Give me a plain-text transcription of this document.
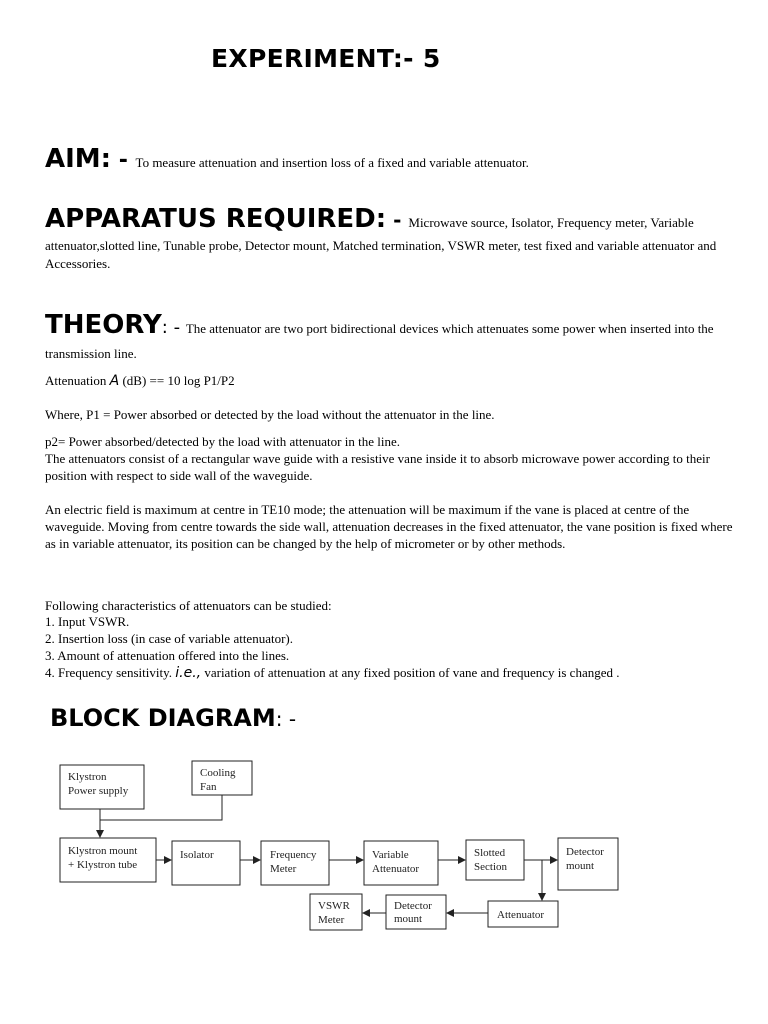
EXPERIMENT:- 5
AIM: - To measure attenuation and insertion loss of a fixed and variable attenuator.
APPARATUS REQUIRED: - Microwave source, Isolator, Frequency meter, Variable attenuator,slotted line, Tunable probe, Detector mount, Matched termination, VSWR meter, test fixed and variable attenuator and Accessories.
THEORY: - The attenuator are two port bidirectional devices which attenuates some power when inserted into the transmission line.
Attenuation A (dB) == 10 log P1/P2
Where, P1 = Power absorbed or detected by the load without the attenuator in the line.
p2= Power absorbed/detected by the load with attenuator in the line.
The attenuators consist of a rectangular wave guide with a resistive vane inside it to absorb microwave power according to their position with respect to side wall of the waveguide.
An electric field is maximum at centre in TE10 mode; the attenuation will be maximum if the vane is placed at centre of the waveguide. Moving from centre towards the side wall, attenuation decreases in the fixed attenuator, the vane position is fixed where as in variable attenuator, its position can be changed by the help of micrometer or by other methods.
Following characteristics of attenuators can be studied:
1. Input VSWR.
2. Insertion loss (in case of variable attenuator).
3. Amount of attenuation offered into the lines.
4. Frequency sensitivity. i.e., variation of attenuation at any fixed position of vane and frequency is changed .
BLOCK DIAGRAM: -
Klystron
Power supply
Cooling
Fan
Klystron mount
+ Klystron tube
Isolator	Frequency
Meter
Variable
Attenuator
Slotted
Section
Detector
mount
Attenuator
Detector
mount
VSWR
Meter
